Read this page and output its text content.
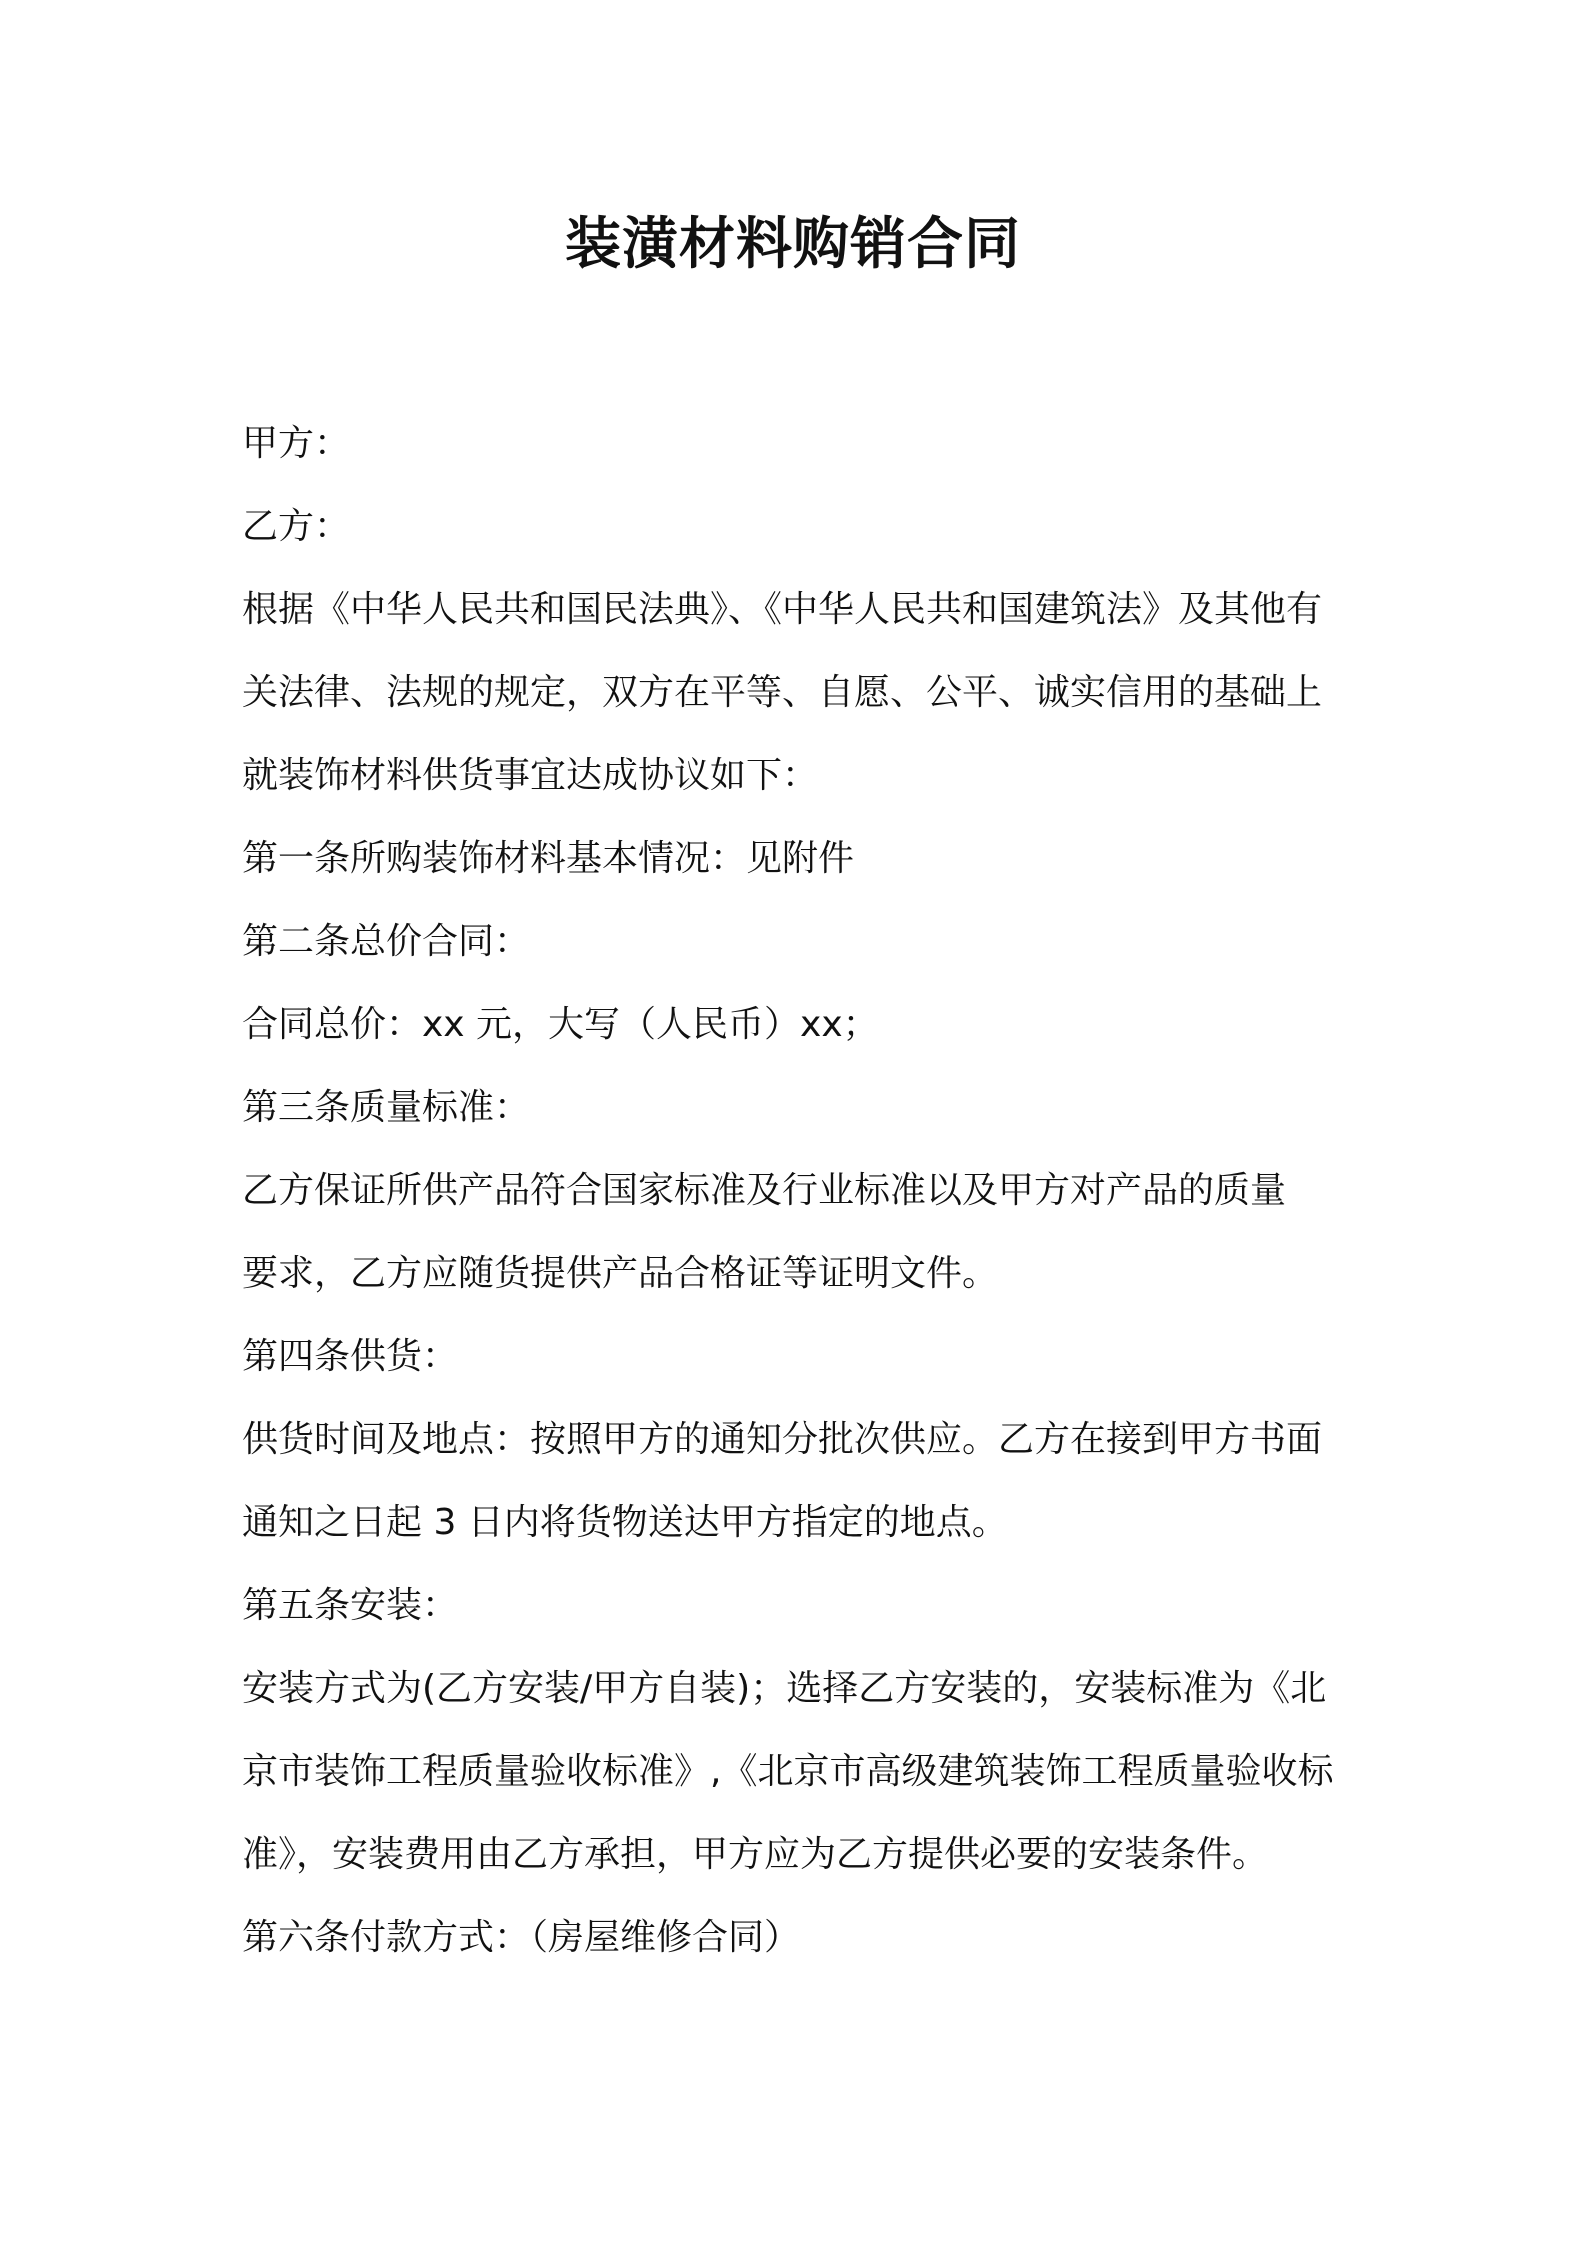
装潢材料购销合同

甲方：

乙方：

根据《中华人民共和国民法典》、《中华人民共和国建筑法》及其他有

关法律、法规的规定，双方在平等、自愿、公平、诚实信用的基础上

就装饰材料供货事宜达成协议如下：

第一条所购装饰材料基本情况：见附件

第二条总价合同：

合同总价：xx 元，大写（人民币）xx；

第三条质量标准：

乙方保证所供产品符合国家标准及行业标准以及甲方对产品的质量

要求，乙方应随货提供产品合格证等证明文件。

第四条供货：

供货时间及地点：按照甲方的通知分批次供应。乙方在接到甲方书面

通知之日起 3 日内将货物送达甲方指定的地点。

第五条安装：

安装方式为(乙方安装/甲方自装)；选择乙方安装的，安装标准为《北

京市装饰工程质量验收标准》,《北京市高级建筑装饰工程质量验收标

准》，安装费用由乙方承担，甲方应为乙方提供必要的安装条件。

第六条付款方式：（房屋维修合同）
